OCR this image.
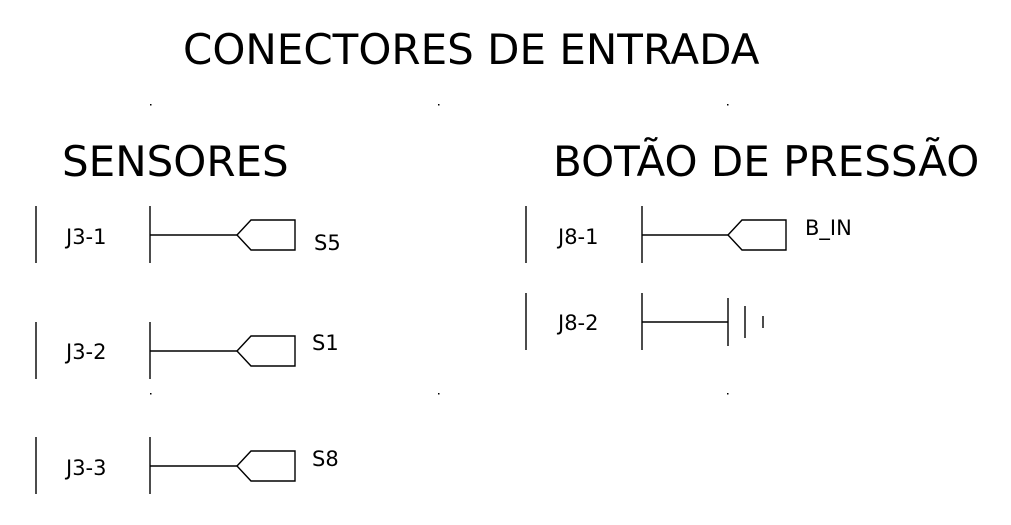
CONECTORES DE ENTRADA
SENSORES	BOTÃO DE PRESSÃO
J3-1	S5
J3-2	S1
J3-3	S8
J8-1	B_IN
J8-2
